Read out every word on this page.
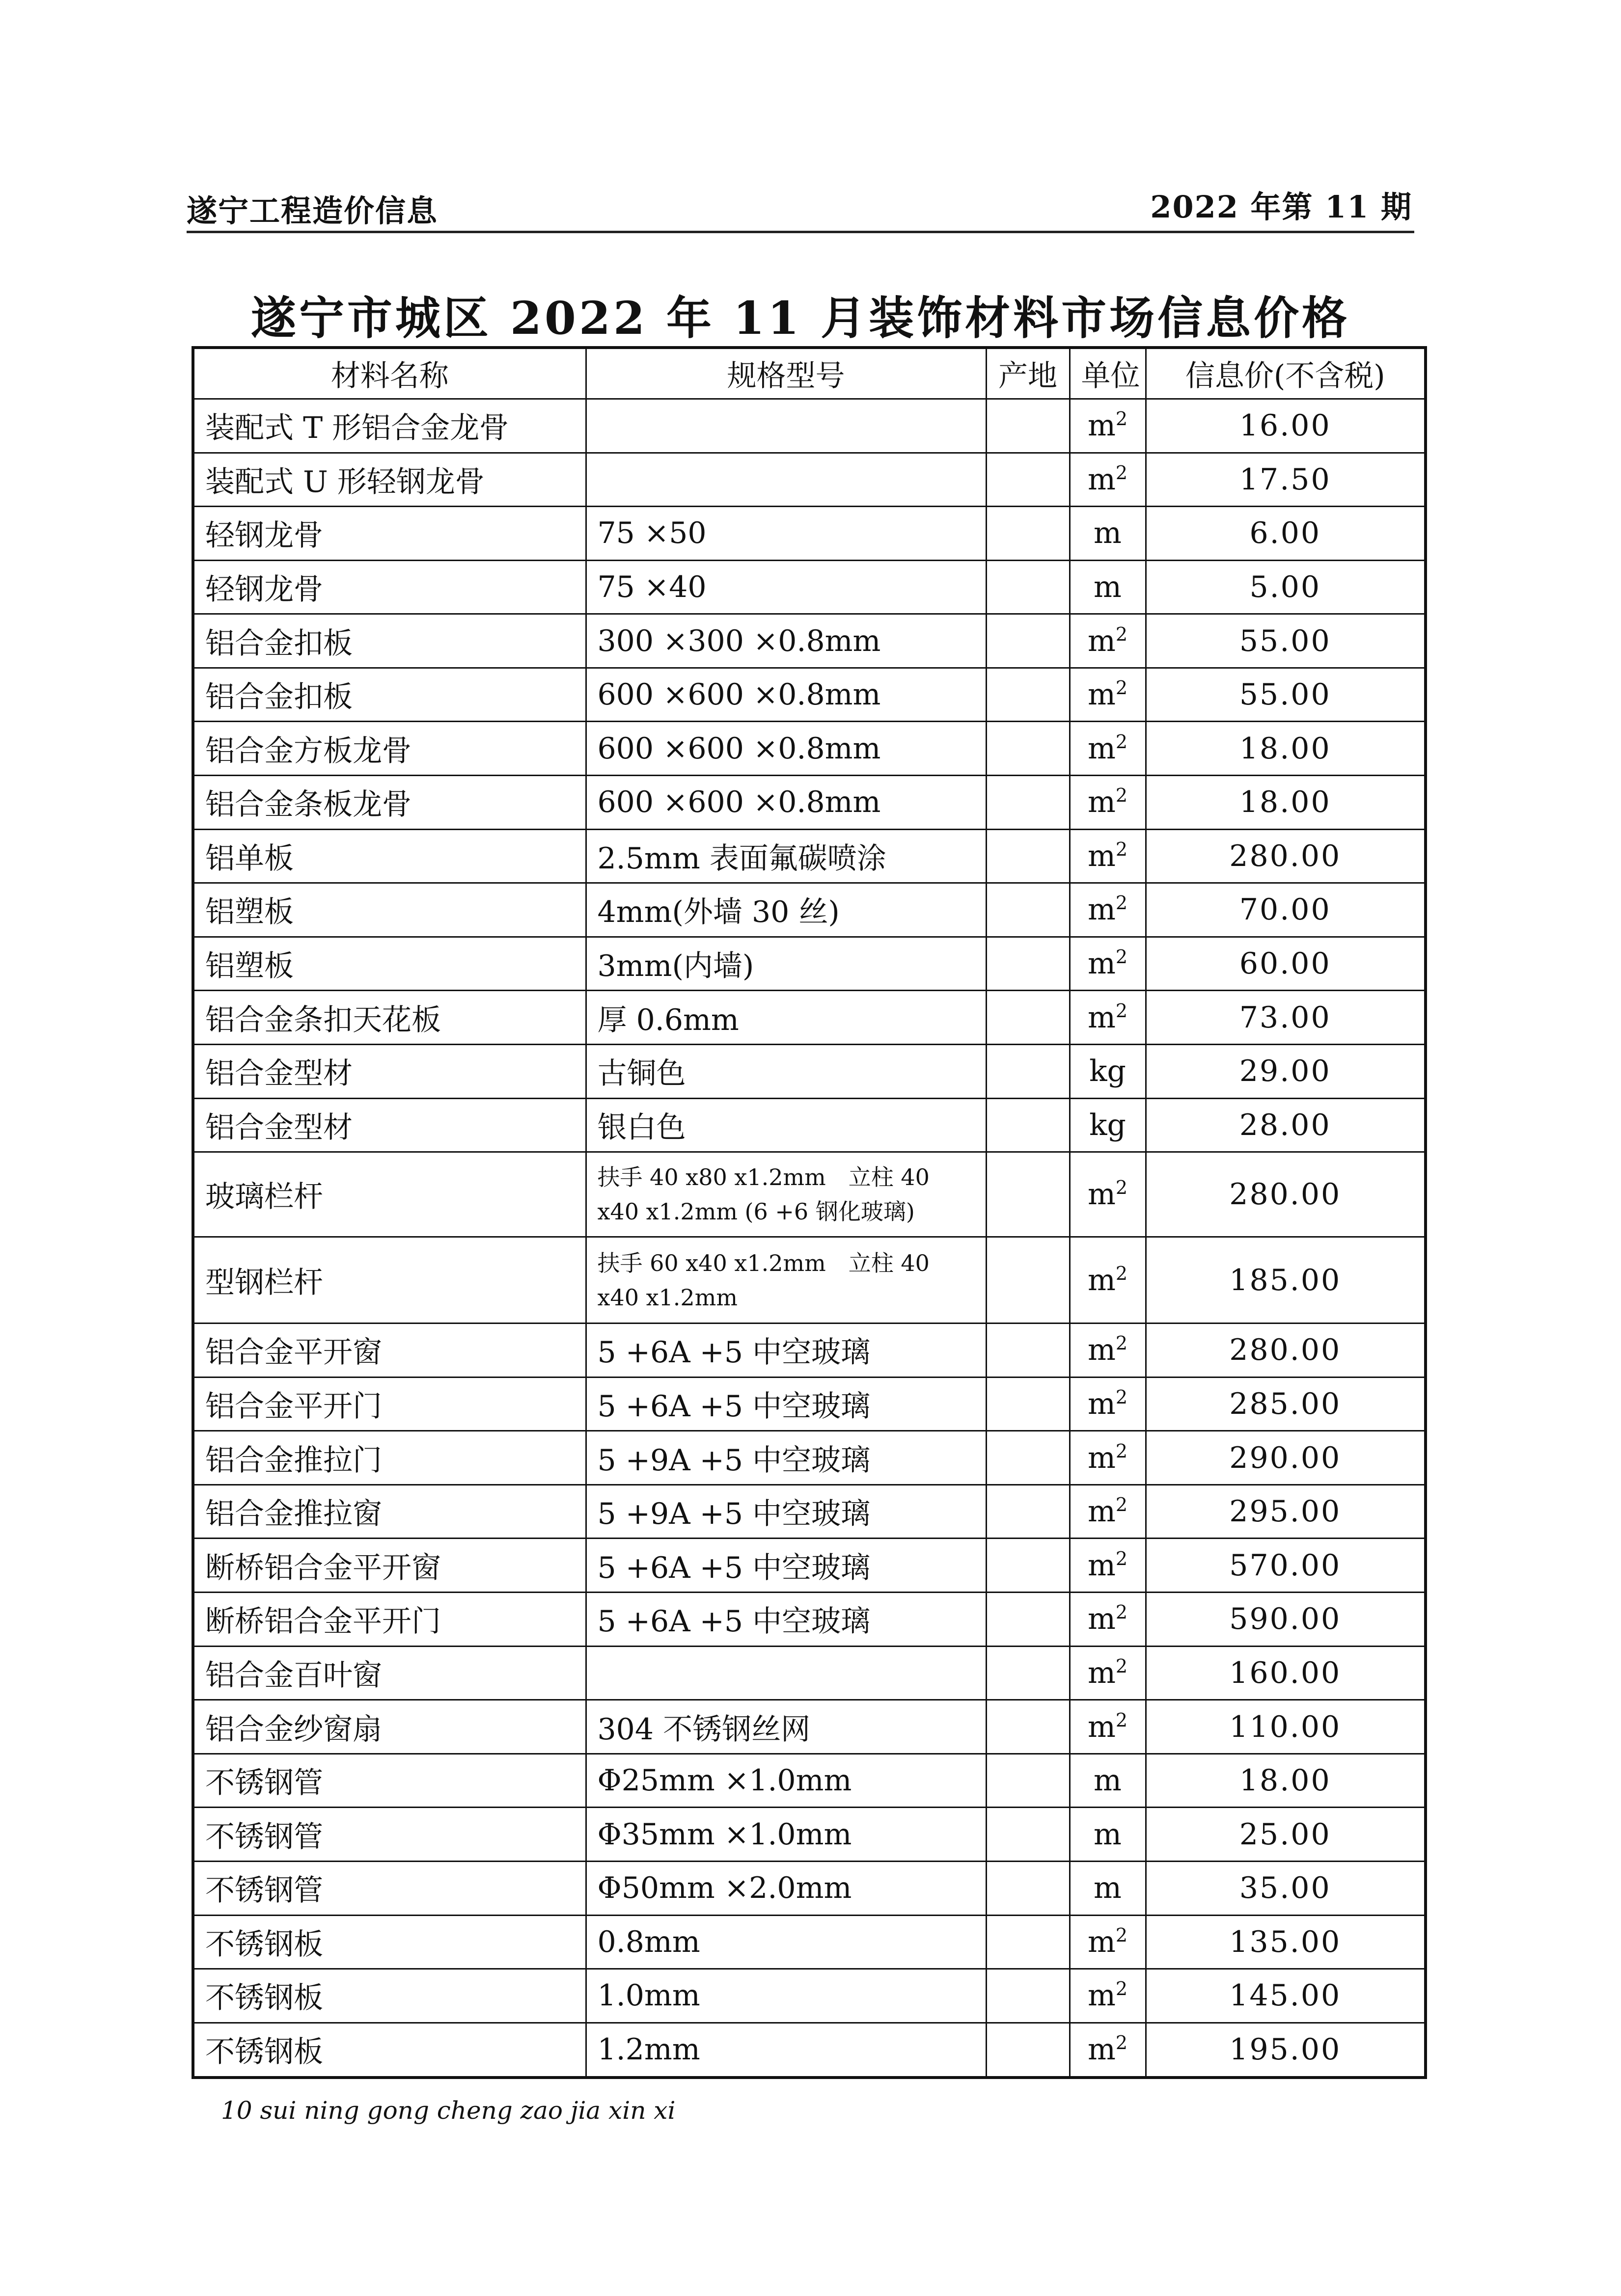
遂宁工程造价信息	2022 年第 11 期
遂宁市城区 2022 年 11 月装饰材料市场信息价格
材料名称	规格型号	产地	单位	信息价(不含税)
装配式 T 形铝合金龙骨			$m^2$	16.00
装配式 U 形轻钢龙骨			$m^2$	17.50
轻钢龙骨	75 ×50		m	6.00
轻钢龙骨	75 ×40		m	5.00
铝合金扣板	300 ×300 ×0.8mm		$m^2$	55.00
铝合金扣板	600 ×600 ×0.8mm		$m^2$	55.00
铝合金方板龙骨	600 ×600 ×0.8mm		$m^2$	18.00
铝合金条板龙骨	600 ×600 ×0.8mm		$m^2$	18.00
铝单板	2.5mm 表面氟碳喷涂		$m^2$	280.00
铝塑板	4mm(外墙 30 丝)		$m^2$	70.00
铝塑板	3mm(内墙)		$m^2$	60.00
铝合金条扣天花板	厚 0.6mm		$m^2$	73.00
铝合金型材	古铜色		kg	29.00
铝合金型材	银白色		kg	28.00
玻璃栏杆	扶手 40 x80 x1.2mm　立柱 40 x40 x1.2mm (6 +6 钢化玻璃)		$m^2$	280.00
型钢栏杆	扶手 60 x40 x1.2mm　立柱 40 x40 x1.2mm		$m^2$	185.00
铝合金平开窗	5 +6A +5 中空玻璃		$m^2$	280.00
铝合金平开门	5 +6A +5 中空玻璃		$m^2$	285.00
铝合金推拉门	5 +9A +5 中空玻璃		$m^2$	290.00
铝合金推拉窗	5 +9A +5 中空玻璃		$m^2$	295.00
断桥铝合金平开窗	5 +6A +5 中空玻璃		$m^2$	570.00
断桥铝合金平开门	5 +6A +5 中空玻璃		$m^2$	590.00
铝合金百叶窗			$m^2$	160.00
铝合金纱窗扇	304 不锈钢丝网		$m^2$	110.00
不锈钢管	Φ25mm ×1.0mm		m	18.00
不锈钢管	Φ35mm ×1.0mm		m	25.00
不锈钢管	Φ50mm ×2.0mm		m	35.00
不锈钢板	0.8mm		$m^2$	135.00
不锈钢板	1.0mm		$m^2$	145.00
不锈钢板	1.2mm		$m^2$	195.00
10 sui ning gong cheng zao jia xin xi
